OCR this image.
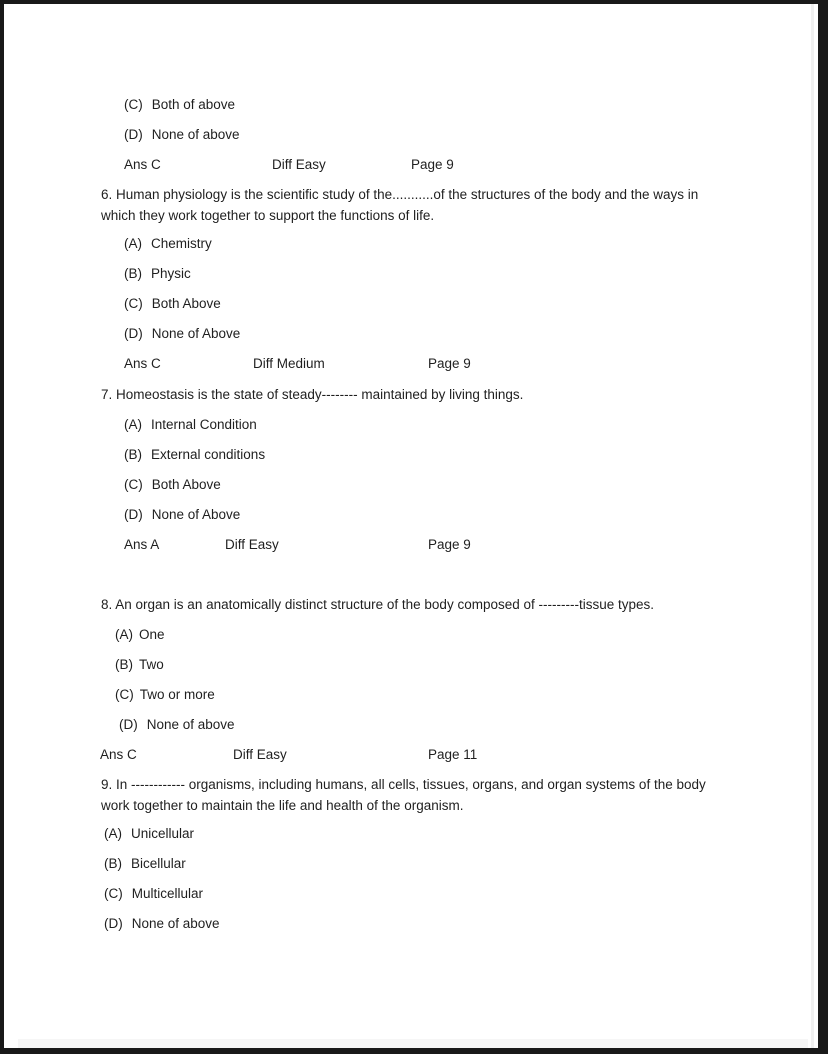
(C) Both of above
(D) None of above
Ans C	Diff Easy	Page 9
6. Human physiology is the scientific study of the...........of the structures of the body and the ways in which they work together to support the functions of life.
(A) Chemistry
(B) Physic
(C) Both Above
(D) None of Above
Ans C	Diff Medium	Page 9
7. Homeostasis is the state of steady-------- maintained by living things.
(A) Internal Condition
(B) External conditions
(C) Both Above
(D) None of Above
Ans A	Diff Easy	Page 9
8. An organ is an anatomically distinct structure of the body composed of ---------tissue types.
(A) One
(B) Two
(C) Two or more
(D) None of above
Ans C	Diff Easy	Page 11
9. In ------------ organisms, including humans, all cells, tissues, organs, and organ systems of the body work together to maintain the life and health of the organism.
(A) Unicellular
(B) Bicellular
(C) Multicellular
(D) None of above
